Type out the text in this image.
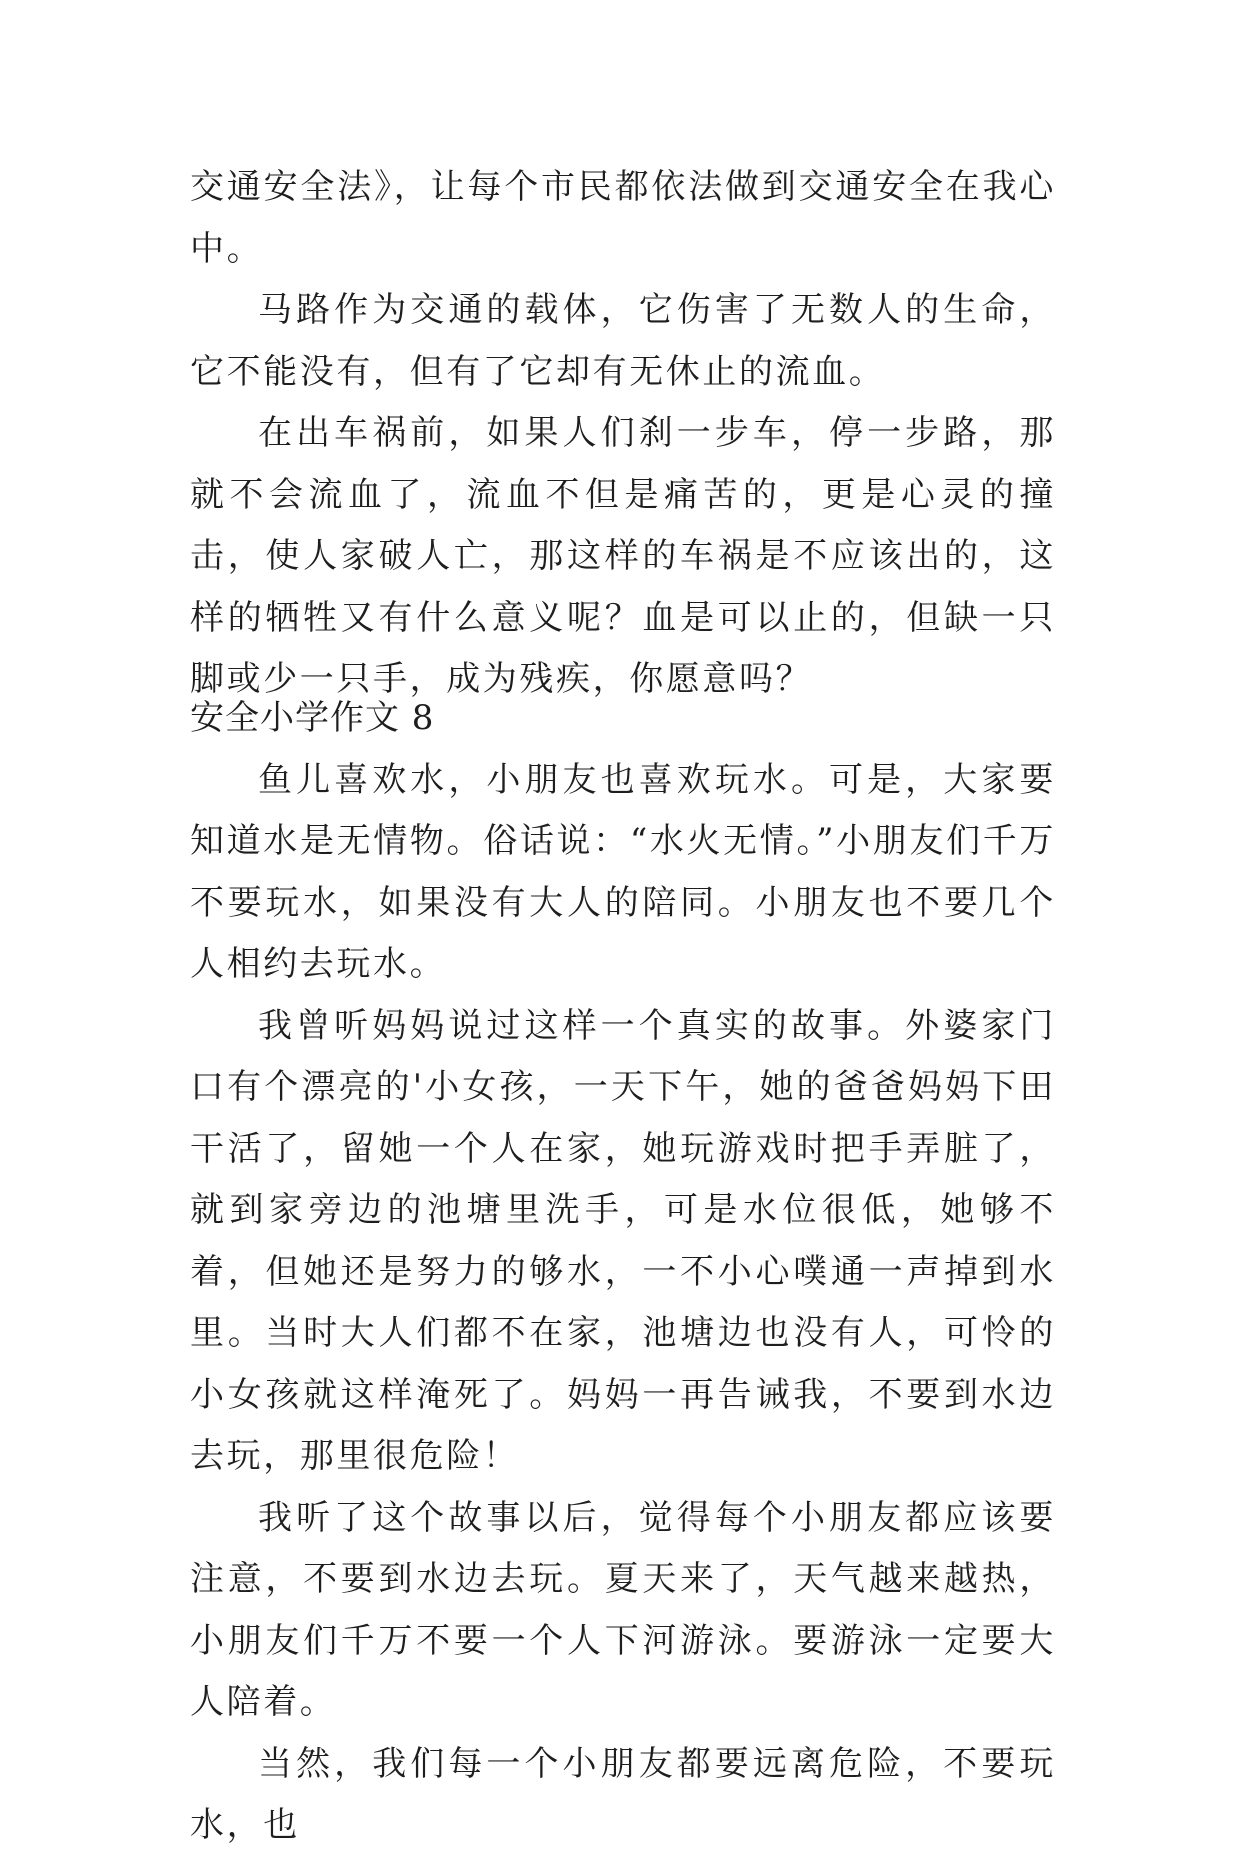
交通安全法》，让每个市民都依法做到交通安全在我心中。

马路作为交通的载体，它伤害了无数人的生命，它不能没有，但有了它却有无休止的流血。

在出车祸前，如果人们刹一步车，停一步路，那就不会流血了，流血不但是痛苦的，更是心灵的撞击，使人家破人亡，那这样的车祸是不应该出的，这样的牺牲又有什么意义呢？血是可以止的，但缺一只脚或少一只手，成为残疾，你愿意吗？

安全小学作文 8

鱼儿喜欢水，小朋友也喜欢玩水。可是，大家要知道水是无情物。俗话说：“水火无情。”小朋友们千万不要玩水，如果没有大人的陪同。小朋友也不要几个人相约去玩水。

我曾听妈妈说过这样一个真实的故事。外婆家门口有个漂亮的'小女孩，一天下午，她的爸爸妈妈下田干活了，留她一个人在家，她玩游戏时把手弄脏了，就到家旁边的池塘里洗手，可是水位很低，她够不着，但她还是努力的够水，一不小心噗通一声掉到水里。当时大人们都不在家，池塘边也没有人，可怜的小女孩就这样淹死了。妈妈一再告诫我，不要到水边去玩，那里很危险！

我听了这个故事以后，觉得每个小朋友都应该要注意，不要到水边去玩。夏天来了，天气越来越热，小朋友们千万不要一个人下河游泳。要游泳一定要大人陪着。

当然，我们每一个小朋友都要远离危险，不要玩水，也
